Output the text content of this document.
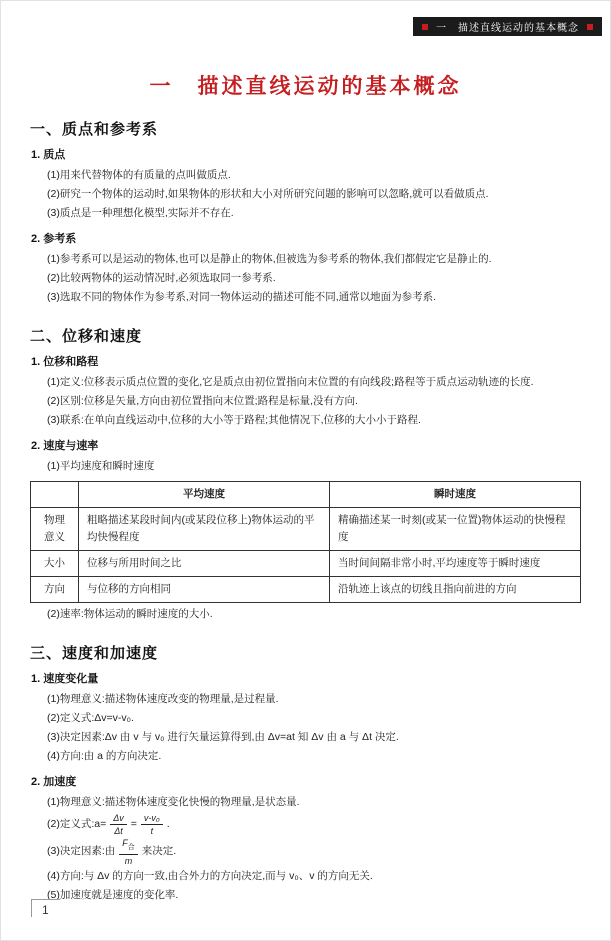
一　描述直线运动的基本概念
一　描述直线运动的基本概念
一、质点和参考系
1. 质点

(1)用来代替物体的有质量的点叫做质点.

(2)研究一个物体的运动时,如果物体的形状和大小对所研究问题的影响可以忽略,就可以看做质点.

(3)质点是一种理想化模型,实际并不存在.

2. 参考系

(1)参考系可以是运动的物体,也可以是静止的物体,但被选为参考系的物体,我们都假定它是静止的.

(2)比较两物体的运动情况时,必须选取同一参考系.

(3)选取不同的物体作为参考系,对同一物体运动的描述可能不同,通常以地面为参考系.

二、位移和速度
1. 位移和路程

(1)定义:位移表示质点位置的变化,它是质点由初位置指向末位置的有向线段;路程等于质点运动轨迹的长度.

(2)区别:位移是矢量,方向由初位置指向末位置;路程是标量,没有方向.

(3)联系:在单向直线运动中,位移的大小等于路程;其他情况下,位移的大小小于路程.

2. 速度与速率

(1)平均速度和瞬时速度

	平均速度	瞬时速度
物理意义	粗略描述某段时间内(或某段位移上)物体运动的平均快慢程度	精确描述某一时刻(或某一位置)物体运动的快慢程度
大小	位移与所用时间之比	当时间间隔非常小时,平均速度等于瞬时速度
方向	与位移的方向相同	沿轨迹上该点的切线且指向前进的方向

(2)速率:物体运动的瞬时速度的大小.

三、速度和加速度
1. 速度变化量

(1)物理意义:描述物体速度改变的物理量,是过程量.

(2)定义式:Δv=v-v₀.

(3)决定因素:Δv 由 v 与 v₀ 进行矢量运算得到,由 Δv=at 知 Δv 由 a 与 Δt 决定.

(4)方向:由 a 的方向决定.

2. 加速度

(1)物理意义:描述物体速度变化快慢的物理量,是状态量.

(2)定义式:a= $\frac{\Delta v}{\Delta t} = \frac{\text{v-v₀}}{t}$ .

(3)决定因素:由 $\frac{F_合}{m}$ 来决定.

(4)方向:与 Δv 的方向一致,由合外力的方向决定,而与 v₀、v 的方向无关.

(5)加速度就是速度的变化率.

1
